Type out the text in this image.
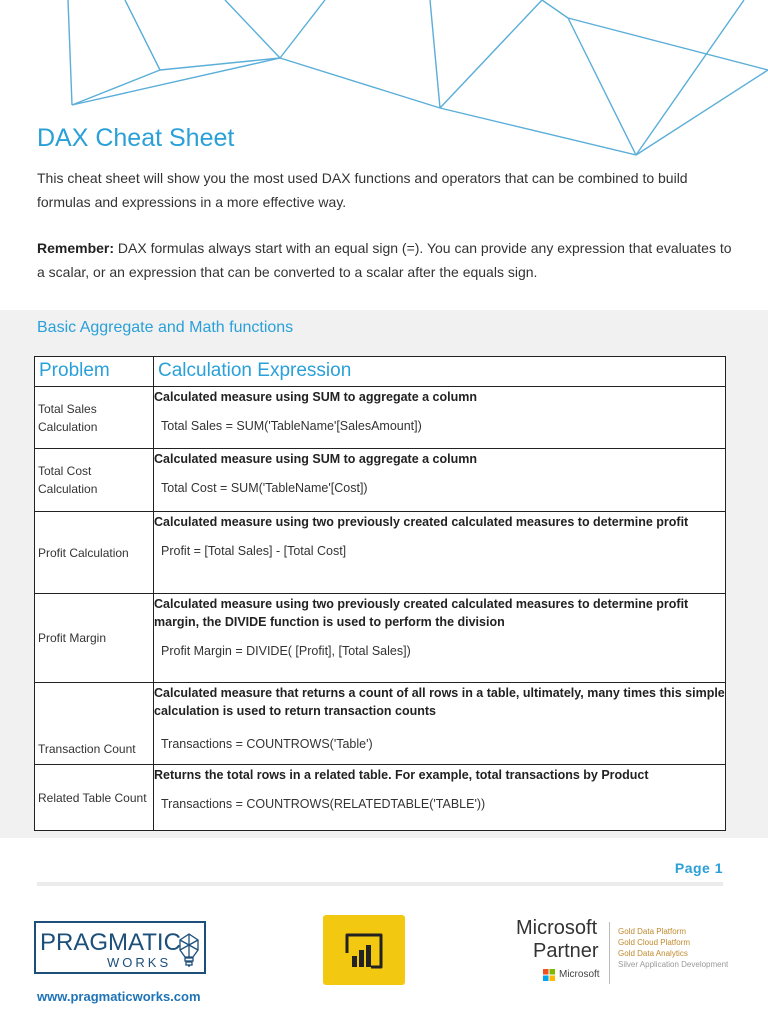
DAX Cheat Sheet

This cheat sheet will show you the most used DAX functions and operators that can be combined to build formulas and expressions in a more effective way.

Remember: DAX formulas always start with an equal sign (=). You can provide any expression that evaluates to a scalar, or an expression that can be converted to a scalar after the equals sign.

Basic Aggregate and Math functions
Problem	Calculation Expression
Total Sales Calculation	Calculated measure using SUM to aggregate a column
Total Sales = SUM('TableName'[SalesAmount])

Total Cost Calculation	Calculated measure using SUM to aggregate a column
Total Cost = SUM('TableName'[Cost])

Profit Calculation	Calculated measure using two previously created calculated measures to determine profit
Profit = [Total Sales] - [Total Cost]

Profit Margin	Calculated measure using two previously created calculated measures to determine profit margin, the DIVIDE function is used to perform the division
Profit Margin = DIVIDE( [Profit], [Total Sales])

Transaction Count	Calculated measure that returns a count of all rows in a table, ultimately, many times this simple calculation is used to return transaction counts
Transactions = COUNTROWS('Table')

Related Table Count	Returns the total rows in a related table. For example, total transactions by Product
Transactions = COUNTROWS(RELATEDTABLE('TABLE'))
Page 1
PRAGMATIC
WORKS
www.pragmaticworks.com
Microsoft
Partner
Microsoft
Gold Data Platform
Gold Cloud Platform
Gold Data Analytics
Silver Application Development
